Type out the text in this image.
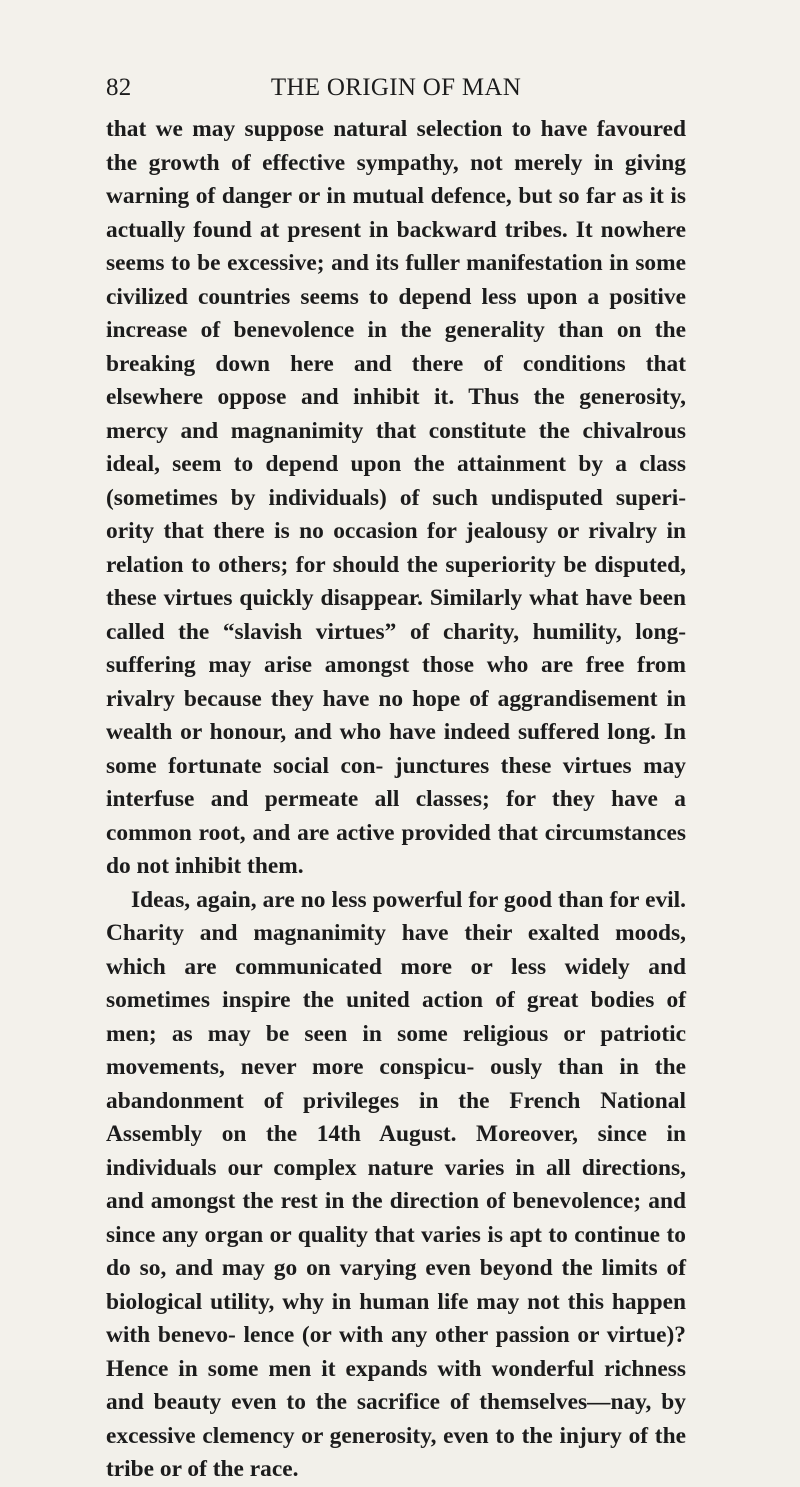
82	THE ORIGIN OF MAN

that we may suppose natural selection to have favoured the growth of effective sympathy, not merely in giving warning of danger or in mutual defence, but so far as it is actually found at present in backward tribes. It nowhere seems to be excessive; and its fuller manifestation in some civilized countries seems to depend less upon a positive increase of benevolence in the generality than on the breaking down here and there of conditions that elsewhere oppose and inhibit it. Thus the generosity, mercy and magnanimity that constitute the chivalrous ideal, seem to depend upon the attainment by a class (sometimes by individuals) of such undisputed superi- ority that there is no occasion for jealousy or rivalry in relation to others; for should the superiority be disputed, these virtues quickly disappear. Similarly what have been called the “slavish virtues” of charity, humility, long-suffering may arise amongst those who are free from rivalry because they have no hope of aggrandisement in wealth or honour, and who have indeed suffered long. In some fortunate social con- junctures these virtues may interfuse and permeate all classes; for they have a common root, and are active provided that circumstances do not inhibit them.

Ideas, again, are no less powerful for good than for evil. Charity and magnanimity have their exalted moods, which are communicated more or less widely and sometimes inspire the united action of great bodies of men; as may be seen in some religious or patriotic movements, never more conspicu- ously than in the abandonment of privileges in the French National Assembly on the 14th August. Moreover, since in individuals our complex nature varies in all directions, and amongst the rest in the direction of benevolence; and since any organ or quality that varies is apt to continue to do so, and may go on varying even beyond the limits of biological utility, why in human life may not this happen with benevo- lence (or with any other passion or virtue)? Hence in some men it expands with wonderful richness and beauty even to the sacrifice of themselves—nay, by excessive clemency or generosity, even to the injury of the tribe or of the race.
